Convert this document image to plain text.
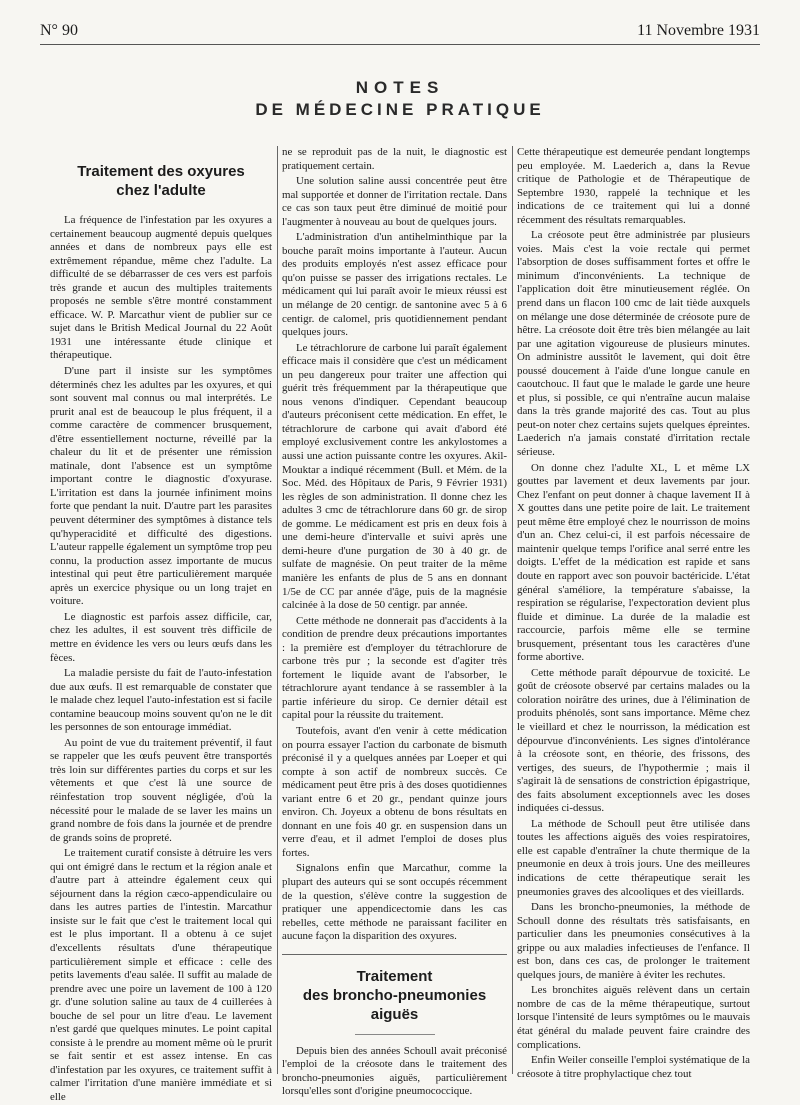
N° 90	11 Novembre 1931
NOTES
DE MÉDECINE PRATIQUE
Traitement des oxyures
chez l'adulte

La fréquence de l'infestation par les oxyures a certainement beaucoup augmenté depuis quelques années et dans de nombreux pays elle est extrêmement répandue, même chez l'adulte. La difficulté de se débarrasser de ces vers est parfois très grande et aucun des multiples traitements proposés ne semble s'être montré constamment efficace. W. P. Marcathur vient de publier sur ce sujet dans le British Medical Journal du 22 Août 1931 une intéressante étude clinique et thérapeutique.

D'une part il insiste sur les symptômes déterminés chez les adultes par les oxyures, et qui sont souvent mal connus ou mal interprétés. Le prurit anal est de beaucoup le plus fréquent, il a comme caractère de commencer brusquement, d'être essentiellement nocturne, réveillé par la chaleur du lit et de présenter une rémission matinale, dont l'absence est un symptôme important contre le diagnostic d'oxyurase. L'irritation est dans la journée infiniment moins forte que pendant la nuit. D'autre part les parasites peuvent déterminer des symptômes à distance tels qu'hyperacidité et difficulté des digestions. L'auteur rappelle également un symptôme trop peu connu, la production assez importante de mucus intestinal qui peut être particulièrement marquée après un exercice physique ou un long trajet en voiture.

Le diagnostic est parfois assez difficile, car, chez les adultes, il est souvent très difficile de mettre en évidence les vers ou leurs œufs dans les fèces.

La maladie persiste du fait de l'auto-infestation due aux œufs. Il est remarquable de constater que le malade chez lequel l'auto-infestation est si facile contamine beaucoup moins souvent qu'on ne le dit les personnes de son entourage immédiat.

Au point de vue du traitement préventif, il faut se rappeler que les œufs peuvent être transportés très loin sur différentes parties du corps et sur les vêtements et que c'est là une source de réinfestation trop souvent négligée, d'où la nécessité pour le malade de se laver les mains un grand nombre de fois dans la journée et de prendre de grands soins de propreté.

Le traitement curatif consiste à détruire les vers qui ont émigré dans le rectum et la région anale et d'autre part à atteindre également ceux qui séjournent dans la région cæco-appendiculaire ou dans les autres parties de l'intestin. Marcathur insiste sur le fait que c'est le traitement local qui est le plus important. Il a obtenu à ce sujet d'excellents résultats d'une thérapeutique particulièrement simple et efficace : celle des petits lavements d'eau salée. Il suffit au malade de prendre avec une poire un lavement de 100 à 120 gr. d'une solution saline au taux de 4 cuillerées à bouche de sel pour un litre d'eau. Le lavement n'est gardé que quelques minutes. Le point capital consiste à le prendre au moment même où le prurit se fait sentir et est assez intense. En cas d'infestation par les oxyures, ce traitement suffit à calmer l'irritation d'une manière immédiate et si elle

ne se reproduit pas de la nuit, le diagnostic est pratiquement certain.

Une solution saline aussi concentrée peut être mal supportée et donner de l'irritation rectale. Dans ce cas son taux peut être diminué de moitié pour l'augmenter à nouveau au bout de quelques jours.

L'administration d'un antihelminthique par la bouche paraît moins importante à l'auteur. Aucun des produits employés n'est assez efficace pour qu'on puisse se passer des irrigations rectales. Le médicament qui lui paraît avoir le mieux réussi est un mélange de 20 centigr. de santonine avec 5 à 6 centigr. de calomel, pris quotidiennement pendant quelques jours.

Le tétrachlorure de carbone lui paraît également efficace mais il considère que c'est un médicament un peu dangereux pour traiter une affection qui guérit très fréquemment par la thérapeutique que nous venons d'indiquer. Cependant beaucoup d'auteurs préconisent cette médication. En effet, le tétrachlorure de carbone qui avait d'abord été employé exclusivement contre les ankylostomes a aussi une action puissante contre les oxyures. Akil-Mouktar a indiqué récemment (Bull. et Mém. de la Soc. Méd. des Hôpitaux de Paris, 9 Février 1931) les règles de son administration. Il donne chez les adultes 3 cmc de tétrachlorure dans 60 gr. de sirop de gomme. Le médicament est pris en deux fois à une demi-heure d'intervalle et suivi après une demi-heure d'une purgation de 30 à 40 gr. de sulfate de magnésie. On peut traiter de la même manière les enfants de plus de 5 ans en donnant 1/5e de CC par année d'âge, puis de la magnésie calcinée à la dose de 50 centigr. par année.

Cette méthode ne donnerait pas d'accidents à la condition de prendre deux précautions importantes : la première est d'employer du tétrachlorure de carbone très pur ; la seconde est d'agiter très fortement le liquide avant de l'absorber, le tétrachlorure ayant tendance à se rassembler à la partie inférieure du sirop. Ce dernier détail est capital pour la réussite du traitement.

Toutefois, avant d'en venir à cette médication on pourra essayer l'action du carbonate de bismuth préconisé il y a quelques années par Loeper et qui compte à son actif de nombreux succès. Ce médicament peut être pris à des doses quotidiennes variant entre 6 et 20 gr., pendant quinze jours environ. Ch. Joyeux a obtenu de bons résultats en donnant en une fois 40 gr. en suspension dans un verre d'eau, et il admet l'emploi de doses plus fortes.

Signalons enfin que Marcathur, comme la plupart des auteurs qui se sont occupés récemment de la question, s'élève contre la suggestion de pratiquer une appendicectomie dans les cas rebelles, cette méthode ne paraissant faciliter en aucune façon la disparition des oxyures.

Traitement
des broncho-pneumonies aiguës

Depuis bien des années Schoull avait préconisé l'emploi de la créosote dans le traitement des broncho-pneumonies aiguës, particulièrement lorsqu'elles sont d'origine pneumococcique.

Cette thérapeutique est demeurée pendant longtemps peu employée. M. Laederich a, dans la Revue critique de Pathologie et de Thérapeutique de Septembre 1930, rappelé la technique et les indications de ce traitement qui lui a donné récemment des résultats remarquables.

La créosote peut être administrée par plusieurs voies. Mais c'est la voie rectale qui permet l'absorption de doses suffisamment fortes et offre le minimum d'inconvénients. La technique de l'application doit être minutieusement réglée. On prend dans un flacon 100 cmc de lait tiède auxquels on mélange une dose déterminée de créosote pure de hêtre. La créosote doit être très bien mélangée au lait par une agitation vigoureuse de plusieurs minutes. On administre aussitôt le lavement, qui doit être poussé doucement à l'aide d'une longue canule en caoutchouc. Il faut que le malade le garde une heure et plus, si possible, ce qui n'entraîne aucun malaise dans la très grande majorité des cas. Tout au plus peut-on noter chez certains sujets quelques épreintes. Laederich n'a jamais constaté d'irritation rectale sérieuse.

On donne chez l'adulte XL, L et même LX gouttes par lavement et deux lavements par jour. Chez l'enfant on peut donner à chaque lavement II à X gouttes dans une petite poire de lait. Le traitement peut même être employé chez le nourrisson de moins d'un an. Chez celui-ci, il est parfois nécessaire de maintenir quelque temps l'orifice anal serré entre les doigts. L'effet de la médication est rapide et sans doute en rapport avec son pouvoir bactéricide. L'état général s'améliore, la température s'abaisse, la respiration se régularise, l'expectoration devient plus fluide et diminue. La durée de la maladie est raccourcie, parfois même elle se termine brusquement, présentant tous les caractères d'une forme abortive.

Cette méthode paraît dépourvue de toxicité. Le goût de créosote observé par certains malades ou la coloration noirâtre des urines, due à l'élimination de produits phénolés, sont sans importance. Même chez le vieillard et chez le nourrisson, la médication est dépourvue d'inconvénients. Les signes d'intolérance à la créosote sont, en théorie, des frissons, des vertiges, des sueurs, de l'hypothermie ; mais il s'agirait là de sensations de constriction épigastrique, des faits absolument exceptionnels avec les doses indiquées ci-dessus.

La méthode de Schoull peut être utilisée dans toutes les affections aiguës des voies respiratoires, elle est capable d'entraîner la chute thermique de la pneumonie en deux à trois jours. Une des meilleures indications de cette thérapeutique serait les pneumonies graves des alcooliques et des vieillards.

Dans les broncho-pneumonies, la méthode de Schoull donne des résultats très satisfaisants, en particulier dans les pneumonies consécutives à la grippe ou aux maladies infectieuses de l'enfance. Il est bon, dans ces cas, de prolonger le traitement quelques jours, de manière à éviter les rechutes.

Les bronchites aiguës relèvent dans un certain nombre de cas de la même thérapeutique, surtout lorsque l'intensité de leurs symptômes ou le mauvais état général du malade peuvent faire craindre des complications.

Enfin Weiler conseille l'emploi systématique de la créosote à titre prophylactique chez tout
